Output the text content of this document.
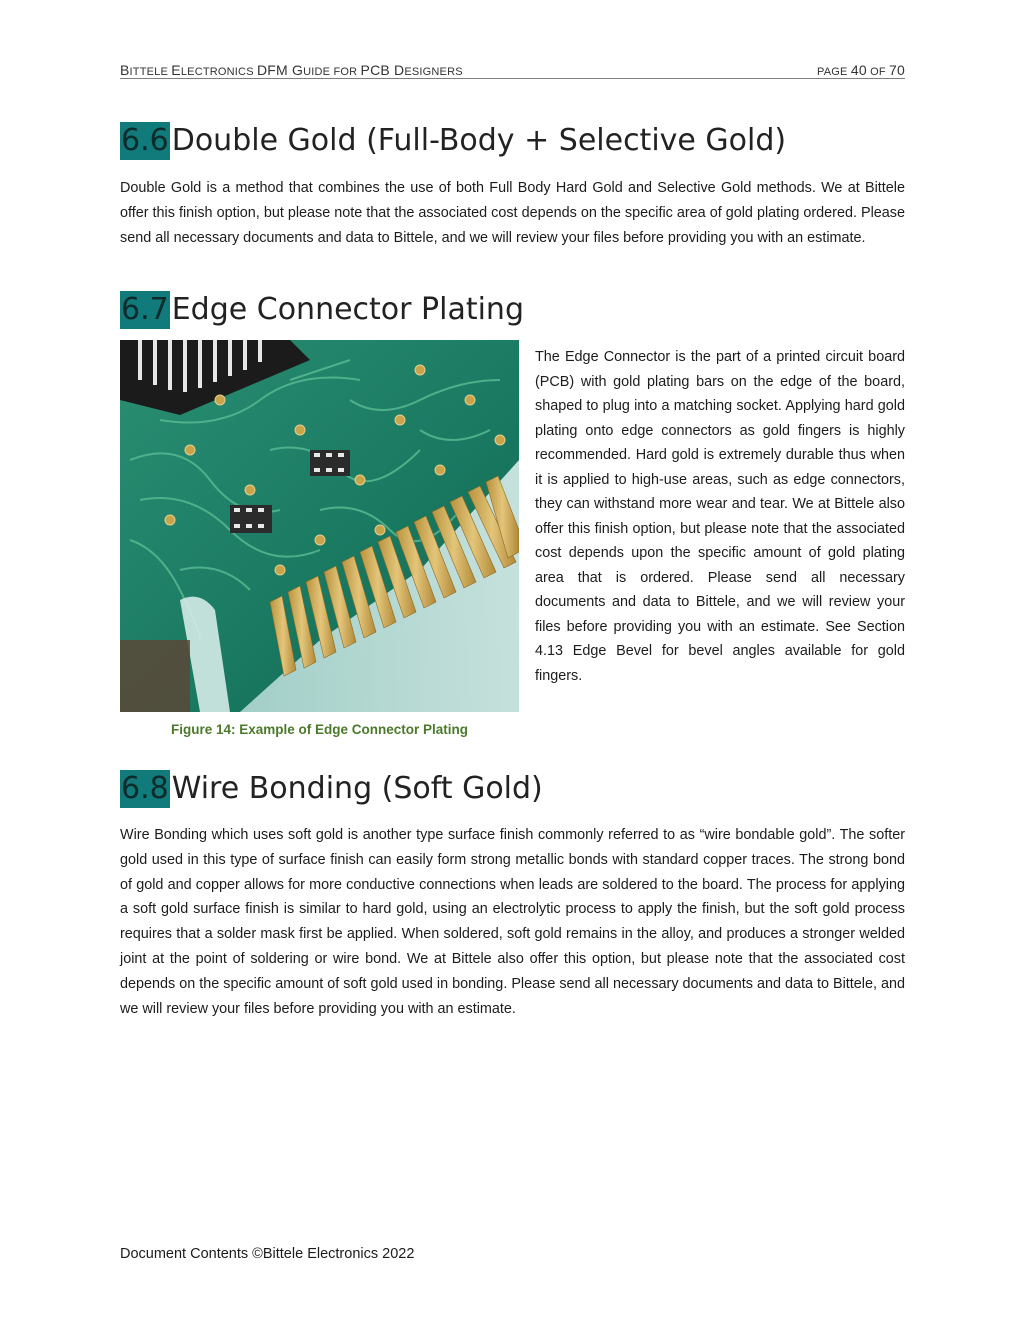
BITTELE ELECTRONICS DFM GUIDE FOR PCB DESIGNERS	PAGE 40 OF 70
6.6 Double Gold (Full-Body + Selective Gold)

Double Gold is a method that combines the use of both Full Body Hard Gold and Selective Gold methods. We at Bittele offer this finish option, but please note that the associated cost depends on the specific area of gold plating ordered. Please send all necessary documents and data to Bittele, and we will review your files before providing you with an estimate.

6.7 Edge Connector Plating
Figure 14: Example of Edge Connector Plating

The Edge Connector is the part of a printed circuit board (PCB) with gold plating bars on the edge of the board, shaped to plug into a matching socket. Applying hard gold plating onto edge connectors as gold fingers is highly recommended. Hard gold is extremely durable thus when it is applied to high-use areas, such as edge connectors, they can withstand more wear and tear. We at Bittele also offer this finish option, but please note that the associated cost depends upon the specific amount of gold plating area that is ordered. Please send all necessary documents and data to Bittele, and we will review your files before providing you with an estimate. See Section 4.13 Edge Bevel for bevel angles available for gold fingers.

6.8 Wire Bonding (Soft Gold)

Wire Bonding which uses soft gold is another type surface finish commonly referred to as “wire bondable gold”. The softer gold used in this type of surface finish can easily form strong metallic bonds with standard copper traces. The strong bond of gold and copper allows for more conductive connections when leads are soldered to the board. The process for applying a soft gold surface finish is similar to hard gold, using an electrolytic process to apply the finish, but the soft gold process requires that a solder mask first be applied. When soldered, soft gold remains in the alloy, and produces a stronger welded joint at the point of soldering or wire bond. We at Bittele also offer this option, but please note that the associated cost depends on the specific amount of soft gold used in bonding. Please send all necessary documents and data to Bittele, and we will review your files before providing you with an estimate.

Document Contents ©Bittele Electronics 2022
